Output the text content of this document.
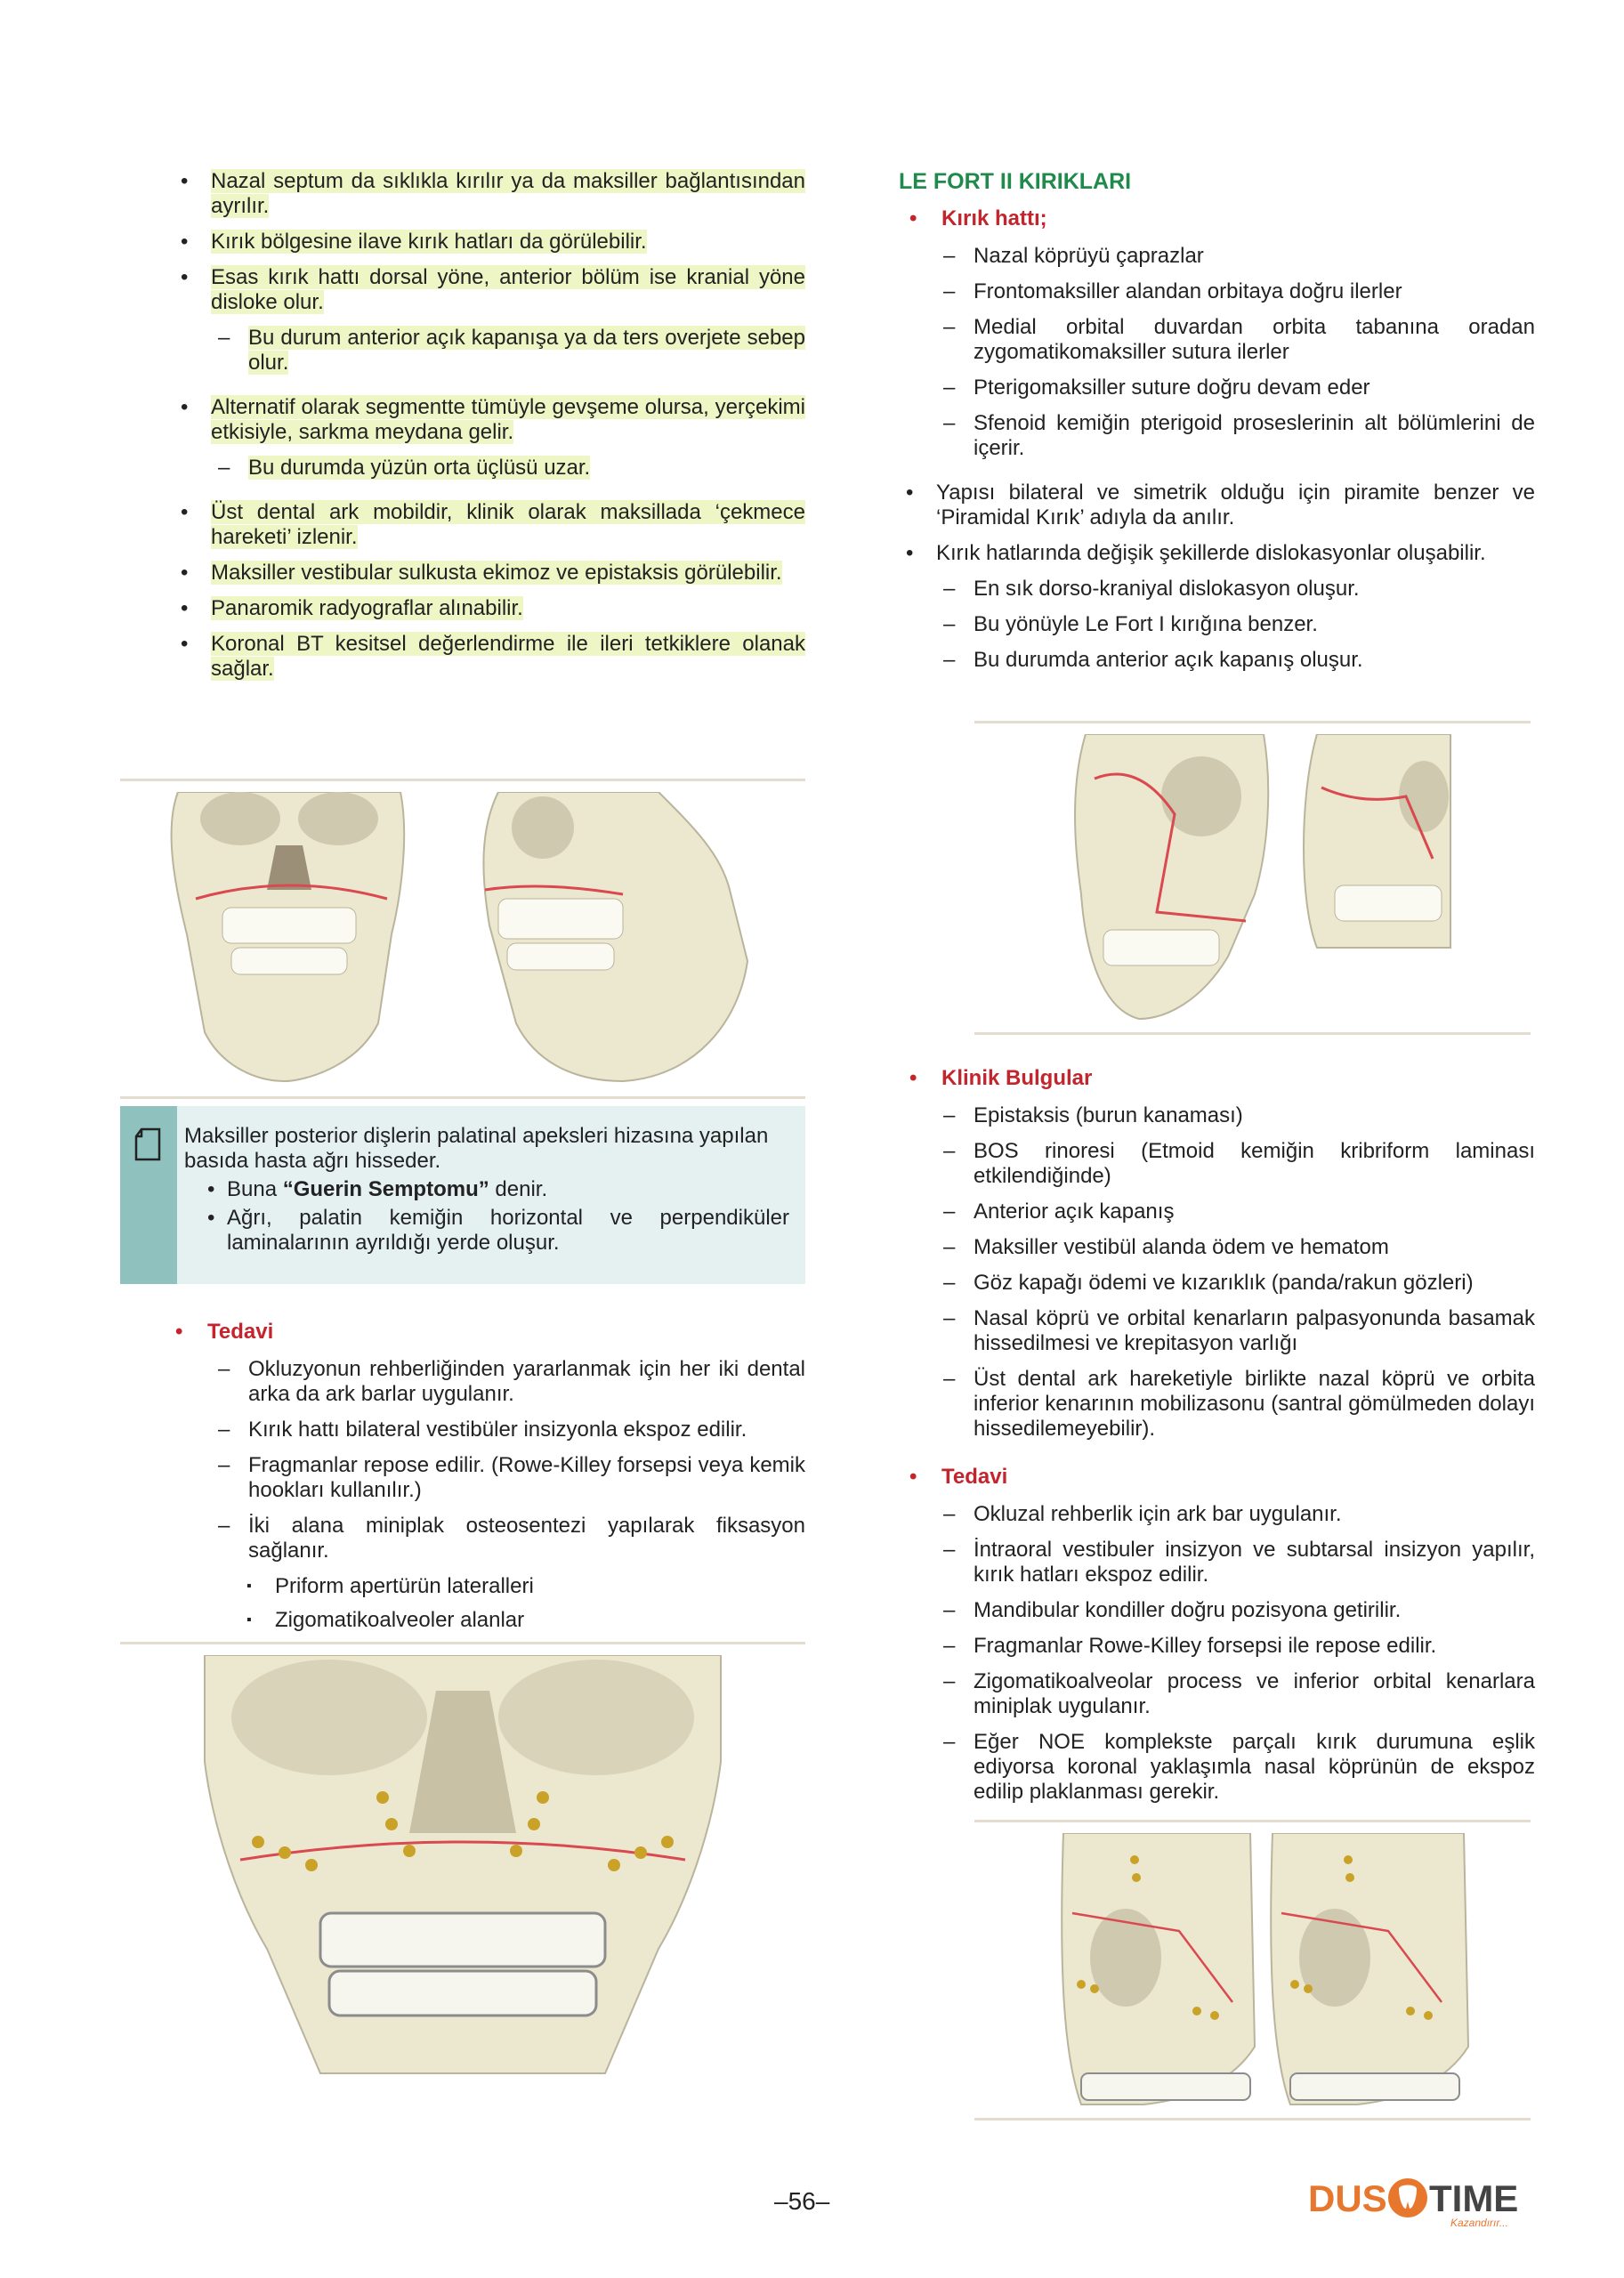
• Nazal septum da sıklıkla kırılır ya da maksiller bağlantısından ayrılır.
• Kırık bölgesine ilave kırık hatları da görülebilir.
• Esas kırık hattı dorsal yöne, anterior bölüm ise kranial yöne disloke olur.
– Bu durum anterior açık kapanışa ya da ters overjete sebep olur.
• Alternatif olarak segmentte tümüyle gevşeme olursa, yerçekimi etkisiyle, sarkma meydana gelir.
– Bu durumda yüzün orta üçlüsü uzar.
• Üst dental ark mobildir, klinik olarak maksillada ‘çekmece hareketi’ izlenir.
• Maksiller vestibular sulkusta ekimoz ve epistaksis görülebilir.
• Panaromik radyograflar alınabilir.
• Koronal BT kesitsel değerlendirme ile ileri tetkiklere olanak sağlar.
Maksiller posterior dişlerin palatinal apeksleri hizasına yapılan basıda hasta ağrı hisseder.
• Buna “Guerin Semptomu” denir.
• Ağrı, palatin kemiğin horizontal ve perpendiküler laminalarının ayrıldığı yerde oluşur.
• Tedavi
– Okluzyonun rehberliğinden yararlanmak için her iki dental arka da ark barlar uygulanır.
– Kırık hattı bilateral vestibüler insizyonla ekspoz edilir.
– Fragmanlar repose edilir. (Rowe-Killey forsepsi veya kemik hookları kullanılır.)
– İki alana miniplak osteosentezi yapılarak fiksasyon sağlanır.
▪ Priform apertürün lateralleri
▪ Zigomatikoalveoler alanlar
LE FORT II KIRIKLARI
• Kırık hattı;
– Nazal köprüyü çaprazlar
– Frontomaksiller alandan orbitaya doğru ilerler
– Medial orbital duvardan orbita tabanına oradan zygomatikomaksiller sutura ilerler
– Pterigomaksiller suture doğru devam eder
– Sfenoid kemiğin pterigoid proseslerinin alt bölümlerini de içerir.
• Yapısı bilateral ve simetrik olduğu için piramite benzer ve ‘Piramidal Kırık’ adıyla da anılır.
• Kırık hatlarında değişik şekillerde dislokasyonlar oluşabilir.
– En sık dorso-kraniyal dislokasyon oluşur.
– Bu yönüyle Le Fort I kırığına benzer.
– Bu durumda anterior açık kapanış oluşur.
• Klinik Bulgular
– Epistaksis (burun kanaması)
– BOS rinoresi (Etmoid kemiğin kribriform laminası etkilendiğinde)
– Anterior açık kapanış
– Maksiller vestibül alanda ödem ve hematom
– Göz kapağı ödemi ve kızarıklık (panda/rakun gözleri)
– Nasal köprü ve orbital kenarların palpasyonunda basamak hissedilmesi ve krepitasyon varlığı
– Üst dental ark hareketiyle birlikte nazal köprü ve orbita inferior kenarının mobilizasonu (santral gömülmeden dolayı hissedilemeyebilir).
• Tedavi
– Okluzal rehberlik için ark bar uygulanır.
– İntraoral vestibuler insizyon ve subtarsal insizyon yapılır, kırık hatları ekspoz edilir.
– Mandibular kondiller doğru pozisyona getirilir.
– Fragmanlar Rowe-Killey forsepsi ile repose edilir.
– Zigomatikoalveolar process ve inferior orbital kenarlara miniplak uygulanır.
– Eğer NOE komplekste parçalı kırık durumuna eşlik ediyorsa koronal yaklaşımla nasal köprünün de ekspoz edilip plaklanması gerekir.
–56–	DUS TIME
Kazandırır...
